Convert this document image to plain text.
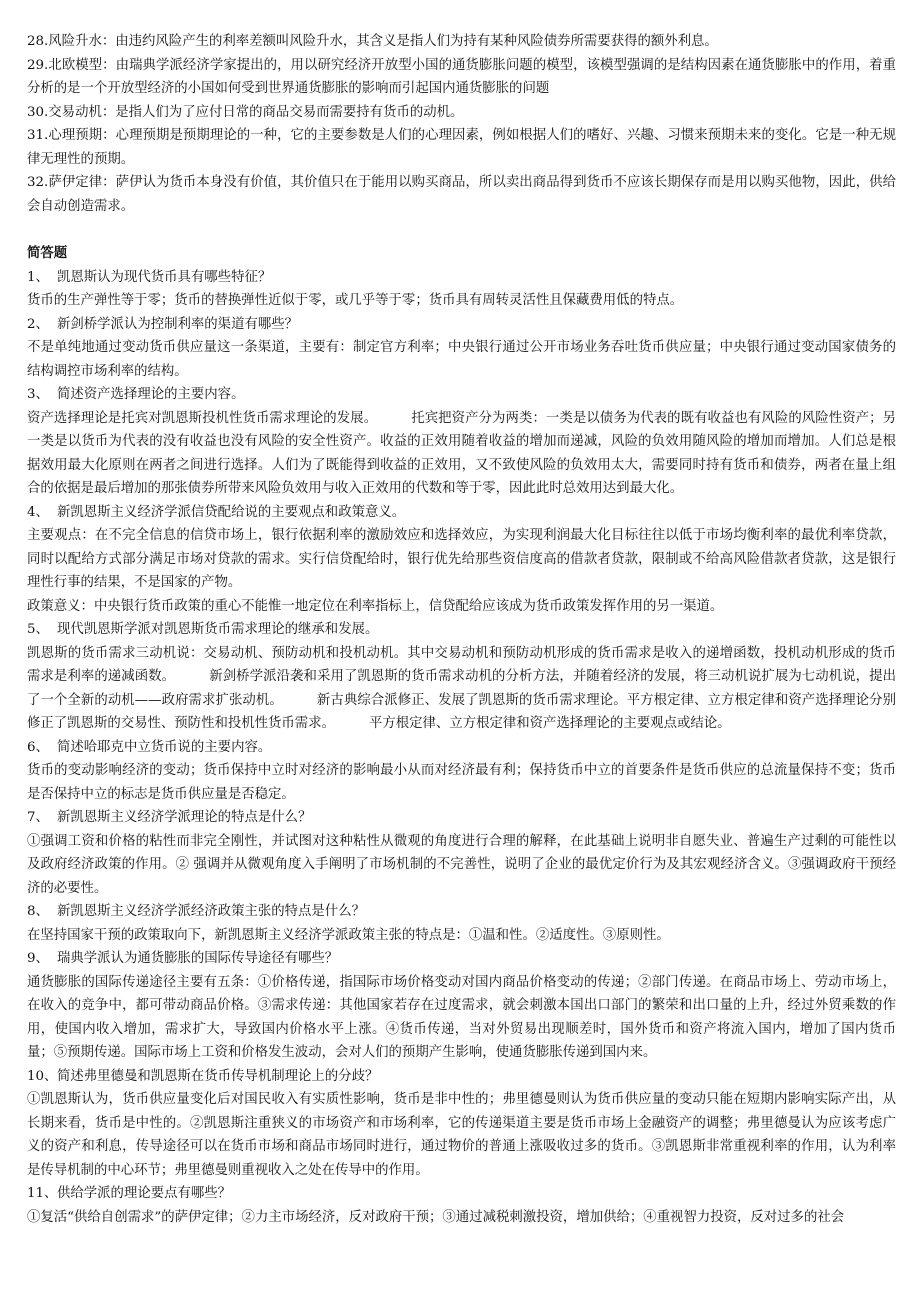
28.风险升水：由违约风险产生的利率差额叫风险升水，其含义是指人们为持有某种风险债券所需要获得的额外利息。

29.北欧模型：由瑞典学派经济学家提出的，用以研究经济开放型小国的通货膨胀问题的模型，该模型强调的是结构因素在通货膨胀中的作用，着重分析的是一个开放型经济的小国如何受到世界通货膨胀的影响而引起国内通货膨胀的问题

30.交易动机：是指人们为了应付日常的商品交易而需要持有货币的动机。

31.心理预期：心理预期是预期理论的一种，它的主要参数是人们的心理因素，例如根据人们的嗜好、兴趣、习惯来预期未来的变化。它是一种无规律无理性的预期。

32.萨伊定律：萨伊认为货币本身没有价值，其价值只在于能用以购买商品，所以卖出商品得到货币不应该长期保存而是用以购买他物，因此，供给会自动创造需求。

简答题

1、 凯恩斯认为现代货币具有哪些特征？

货币的生产弹性等于零；货币的替换弹性近似于零，或几乎等于零；货币具有周转灵活性且保藏费用低的特点。

2、 新剑桥学派认为控制利率的渠道有哪些？

不是单纯地通过变动货币供应量这一条渠道，主要有：制定官方利率；中央银行通过公开市场业务吞吐货币供应量；中央银行通过变动国家债务的结构调控市场利率的结构。

3、 简述资产选择理论的主要内容。

资产选择理论是托宾对凯恩斯投机性货币需求理论的发展。	托宾把资产分为两类：一类是以债务为代表的既有收益也有风险的风险性资产；另一类是以货币为代表的没有收益也没有风险的安全性资产。收益的正效用随着收益的增加而递减，风险的负效用随风险的增加而增加。人们总是根据效用最大化原则在两者之间进行选择。人们为了既能得到收益的正效用，又不致使风险的负效用太大，需要同时持有货币和债券，两者在量上组合的依据是最后增加的那张债券所带来风险负效用与收入正效用的代数和等于零，因此此时总效用达到最大化。

4、 新凯恩斯主义经济学派信贷配给说的主要观点和政策意义。

主要观点：在不完全信息的信贷市场上，银行依据利率的激励效应和选择效应，为实现利润最大化目标往往以低于市场均衡利率的最优利率贷款，同时以配给方式部分满足市场对贷款的需求。实行信贷配给时，银行优先给那些资信度高的借款者贷款，限制或不给高风险借款者贷款，这是银行理性行事的结果，不是国家的产物。

政策意义：中央银行货币政策的重心不能惟一地定位在利率指标上，信贷配给应该成为货币政策发挥作用的另一渠道。

5、 现代凯恩斯学派对凯恩斯货币需求理论的继承和发展。

凯恩斯的货币需求三动机说：交易动机、预防动机和投机动机。其中交易动机和预防动机形成的货币需求是收入的递增函数，投机动机形成的货币需求是利率的递减函数。	新剑桥学派沿袭和采用了凯恩斯的货币需求动机的分析方法，并随着经济的发展，将三动机说扩展为七动机说，提出了一个全新的动机——政府需求扩张动机。	新古典综合派修正、发展了凯恩斯的货币需求理论。平方根定律、立方根定律和资产选择理论分别修正了凯恩斯的交易性、预防性和投机性货币需求。	平方根定律、立方根定律和资产选择理论的主要观点或结论。

6、 简述哈耶克中立货币说的主要内容。

货币的变动影响经济的变动；货币保持中立时对经济的影响最小从而对经济最有利；保持货币中立的首要条件是货币供应的总流量保持不变；货币是否保持中立的标志是货币供应量是否稳定。

7、 新凯恩斯主义经济学派理论的特点是什么？

①强调工资和价格的粘性而非完全刚性，并试图对这种粘性从微观的角度进行合理的解释，在此基础上说明非自愿失业、普遍生产过剩的可能性以及政府经济政策的作用。② 强调并从微观角度入手阐明了市场机制的不完善性，说明了企业的最优定价行为及其宏观经济含义。③强调政府干预经济的必要性。

8、 新凯恩斯主义经济学派经济政策主张的特点是什么？

在坚持国家干预的政策取向下，新凯恩斯主义经济学派政策主张的特点是：①温和性。②适度性。③原则性。

9、 瑞典学派认为通货膨胀的国际传导途径有哪些？

通货膨胀的国际传递途径主要有五条：①价格传递，指国际市场价格变动对国内商品价格变动的传递；②部门传递。在商品市场上、劳动市场上，在收入的竞争中，都可带动商品价格。③需求传递：其他国家若存在过度需求，就会刺激本国出口部门的繁荣和出口量的上升，经过外贸乘数的作用，使国内收入增加，需求扩大，导致国内价格水平上涨。④货币传递，当对外贸易出现顺差时，国外货币和资产将流入国内，增加了国内货币量；⑤预期传递。国际市场上工资和价格发生波动，会对人们的预期产生影响，使通货膨胀传递到国内来。

10、简述弗里德曼和凯恩斯在货币传导机制理论上的分歧？

①凯恩斯认为，货币供应量变化后对国民收入有实质性影响，货币是非中性的；弗里德曼则认为货币供应量的变动只能在短期内影响实际产出，从长期来看，货币是中性的。②凯恩斯注重狭义的市场资产和市场利率，它的传递渠道主要是货币市场上金融资产的调整；弗里德曼认为应该考虑广义的资产和利息，传导途径可以在货币市场和商品市场同时进行，通过物价的普通上涨吸收过多的货币。③凯恩斯非常重视利率的作用，认为利率是传导机制的中心环节；弗里德曼则重视收入之处在传导中的作用。

11、供给学派的理论要点有哪些？

①复活“供给自创需求”的萨伊定律；②力主市场经济，反对政府干预；③通过减税刺激投资，增加供给；④重视智力投资，反对过多的社会
